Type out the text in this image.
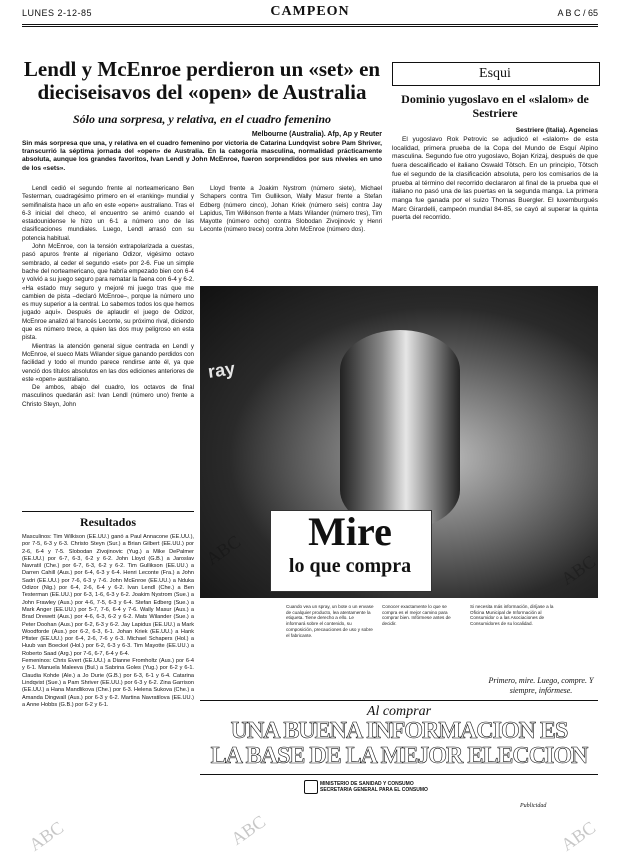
LUNES 2-12-85	CAMPEON	A B C / 65
Lendl y McEnroe perdieron un «set» en dieciseisavos del «open» de Australia
Sólo una sorpresa, y relativa, en el cuadro femenino
Melbourne (Australia). Afp, Ap y Reuter
Sin más sorpresa que una, y relativa en el cuadro femenino por victoria de Catarina Lundqvist sobre Pam Shriver, transcurrió la séptima jornada del «open» de Australia. En la categoría masculina, normalidad prácticamente absoluta, aunque los grandes favoritos, Ivan Lendl y John McEnroe, fueron sorprendidos por sus niveles en uno de los «sets».

Lendl cedió el segundo frente al norteamericano Ben Testerman, cuadragésimo primero en el «ranking» mundial y semifinalista hace un año en este «open» australiano. Tras el 6-3 inicial del checo, el encuentro se animó cuando el estadounidense le hizo un 6-1 a número uno de las clasificaciones mundiales. Luego, Lendl arrasó con su potencia habitual.

John McEnroe, con la tensión extrapolarizada a cuestas, pasó apuros frente al nigeriano Odizor, vigésimo octavo sembrado, al ceder el segundo «set» por 2-6. Fue un simple bache del norteamericano, que habría empezado bien con 6-4 y volvió a su juego seguro para rematar la faena con 6-4 y 6-2. «Ha estado muy seguro y mejoré mi juego tras que me cambien de pista –declaró McEnroe–, porque la número uno es muy superior a la central. Lo sabemos todos los que hemos jugado aquí». Después de aplaudir el juego de Odizor, McEnroe analizó al francés Leconte, su próximo rival, diciendo que es número trece, a quien las dos muy peligroso en esta pista.

Mientras la atención general sigue centrada en Lendl y McEnroe, el sueco Mats Wilander sigue ganando perdidos con facilidad y todo el mundo parece rendirse ante él, ya que venció dos títulos absolutos en las dos ediciones anteriores de este «open» australiano.

De ambos, abajo del cuadro, los octavos de final masculinos quedarán así: Ivan Lendl (número uno) frente a Christo Steyn, John

Lloyd frente a Joakim Nystrom (número siete), Michael Schapers contra Tim Gullikson, Wally Masur frente a Stefan Edberg (número cinco), Johan Kriek (número seis) contra Jay Lapidus, Tim Wilkinson frente a Mats Wilander (número tres), Tim Mayotte (número ocho) contra Slobodan Zivojinovic y Henri Leconte (número trece) contra John McEnroe (número dos).

Resultados

Masculinos: Tim Wilkison (EE.UU.) ganó a Paul Annacone (EE.UU.), por 7-5, 6-3 y 6-3. Christo Steyn (Sur.) a Brian Gilbert (EE.UU.) por 2-6, 6-4 y 7-5. Slobodan Zivojinovic (Yug.) a Mike DePalmer (EE.UU.) por 6-7, 6-3, 6-2 y 6-2. John Lloyd (G.B.) a Jaroslav Navratil (Che.) por 6-7, 6-3, 6-2 y 6-2. Tim Gullikson (EE.UU.) a Darren Cahill (Aus.) por 6-4, 6-3 y 6-4. Henri Leconte (Fra.) a John Sadri (EE.UU.) por 7-6, 6-3 y 7-6. John McEnroe (EE.UU.) a Nduka Odizor (Nig.) por 6-4, 2-6, 6-4 y 6-2. Ivan Lendl (Che.) a Ben Testerman (EE.UU.) por 6-3, 1-6, 6-3 y 6-2. Joakim Nystrom (Sue.) a John Frawley (Aus.) por 4-6, 7-5, 6-3 y 6-4. Stefan Edberg (Sue.) a Mark Anger (EE.UU.) por 5-7, 7-6, 6-4 y 7-6. Wally Masur (Aus.) a Brad Drewett (Aus.) por 4-6, 6-3, 6-2 y 6-2. Mats Wilander (Sue.) a Peter Doohan (Aus.) por 6-2, 6-3 y 6-2. Jay Lapidus (EE.UU.) a Mark Woodforde (Aus.) por 6-2, 6-3, 6-1. Johan Kriek (EE.UU.) a Hank Pfister (EE.UU.) por 6-4, 2-6, 7-6 y 6-3. Michael Schapers (Hol.) a Huub van Boeckel (Hol.) por 6-2, 6-3 y 6-3. Tim Mayotte (EE.UU.) a Roberto Saad (Arg.) por 7-6, 6-7, 6-4 y 6-4.

Femeninos: Chris Evert (EE.UU.) a Dianne Fromholtz (Aus.) por 6-4 y 6-1. Manuela Maleeva (Bul.) a Sabrina Goles (Yug.) por 6-2 y 6-1. Claudia Kohde (Ale.) a Jo Durie (G.B.) por 6-3, 6-1 y 6-4. Catarina Lindqvist (Sue.) a Pam Shriver (EE.UU.) por 6-3 y 6-2. Zina Garrison (EE.UU.) a Hana Mandlikova (Che.) por 6-3. Helena Sukova (Che.) a Amanda Dingwall (Aus.) por 6-3 y 6-2. Martina Navratilova (EE.UU.) a Anne Hobbs (G.B.) por 6-2 y 6-1.

Esqui
Dominio yugoslavo en el «slalom» de Sestriere
Sestriere (Italia). Agencias

El yugoslavo Rok Petrovic se adjudicó el «slalom» de esta localidad, primera prueba de la Copa del Mundo de Esquí Alpino masculina. Segundo fue otro yugoslavo, Bojan Krizaj, después de que fuera descalificado el italiano Oswald Tötsch. En un principio, Tötsch fue el segundo de la clasificación absoluta, pero los comisarios de la prueba al término del recorrido declararon al final de la prueba que el italiano no pasó una de las puertas en la segunda manga. La primera manga fue ganada por el suizo Thomas Buergler. El luxemburgués Marc Girardelli, campeón mundial 84-85, se cayó al superar la quinta puerta del recorrido.

ray
Mire
lo que compra
Cuando vea un spray, un bote o un envase de cualquier producto, lea atentamente la etiqueta. Tiene derecho a ello. Le informará sobre el contenido, su composición, precauciones de uso y sobre el fabricante.
Conocer exactamente lo que se compra es el mejor camino para comprar bien. Infórmese antes de decidir.
Si necesita más información, diríjase a la Oficina Municipal de Información al Consumidor o a las Asociaciones de Consumidores de su localidad.
Primero, mire. Luego, compre. Y siempre, infórmese.
Al comprar
UNA BUENA INFORMACION ES
LA BASE DE LA MEJOR ELECCION
MINISTERIO DE SANIDAD Y CONSUMO
SECRETARIA GENERAL PARA EL CONSUMO
Publicidad
ABC	ABC
ABC
ABC
ABC
